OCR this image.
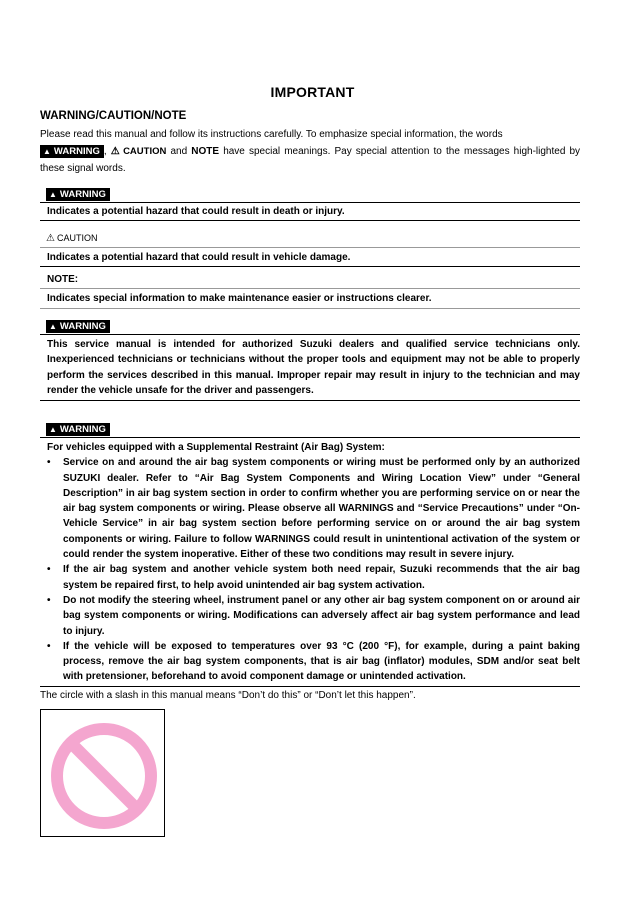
IMPORTANT
WARNING/CAUTION/NOTE
Please read this manual and follow its instructions carefully. To emphasize special information, the words
▲ WARNING , ⚠ CAUTION and NOTE have special meanings. Pay special attention to the messages high-lighted by these signal words.
▲ WARNING
Indicates a potential hazard that could result in death or injury.
⚠ CAUTION
Indicates a potential hazard that could result in vehicle damage.
NOTE:
Indicates special information to make maintenance easier or instructions clearer.
▲ WARNING
This service manual is intended for authorized Suzuki dealers and qualified service technicians only. Inexperienced technicians or technicians without the proper tools and equipment may not be able to properly perform the services described in this manual. Improper repair may result in injury to the technician and may render the vehicle unsafe for the driver and passengers.
▲ WARNING
For vehicles equipped with a Supplemental Restraint (Air Bag) System:
• Service on and around the air bag system components or wiring must be performed only by an authorized SUZUKI dealer. Refer to “Air Bag System Components and Wiring Location View” under “General Description” in air bag system section in order to confirm whether you are performing service on or near the air bag system components or wiring. Please observe all WARNINGS and “Service Precautions” under “On-Vehicle Service” in air bag system section before performing service on or around the air bag system components or wiring. Failure to follow WARNINGS could result in unintentional activation of the system or could render the system inoperative. Either of these two conditions may result in severe injury.
• If the air bag system and another vehicle system both need repair, Suzuki recommends that the air bag system be repaired first, to help avoid unintended air bag system activation.
• Do not modify the steering wheel, instrument panel or any other air bag system component on or around air bag system components or wiring. Modifications can adversely affect air bag system performance and lead to injury.
• If the vehicle will be exposed to temperatures over 93 °C (200 °F), for example, during a paint baking process, remove the air bag system components, that is air bag (inflator) modules, SDM and/or seat belt with pretensioner, beforehand to avoid component damage or unintended activation.
The circle with a slash in this manual means “Don’t do this” or “Don’t let this happen”.
